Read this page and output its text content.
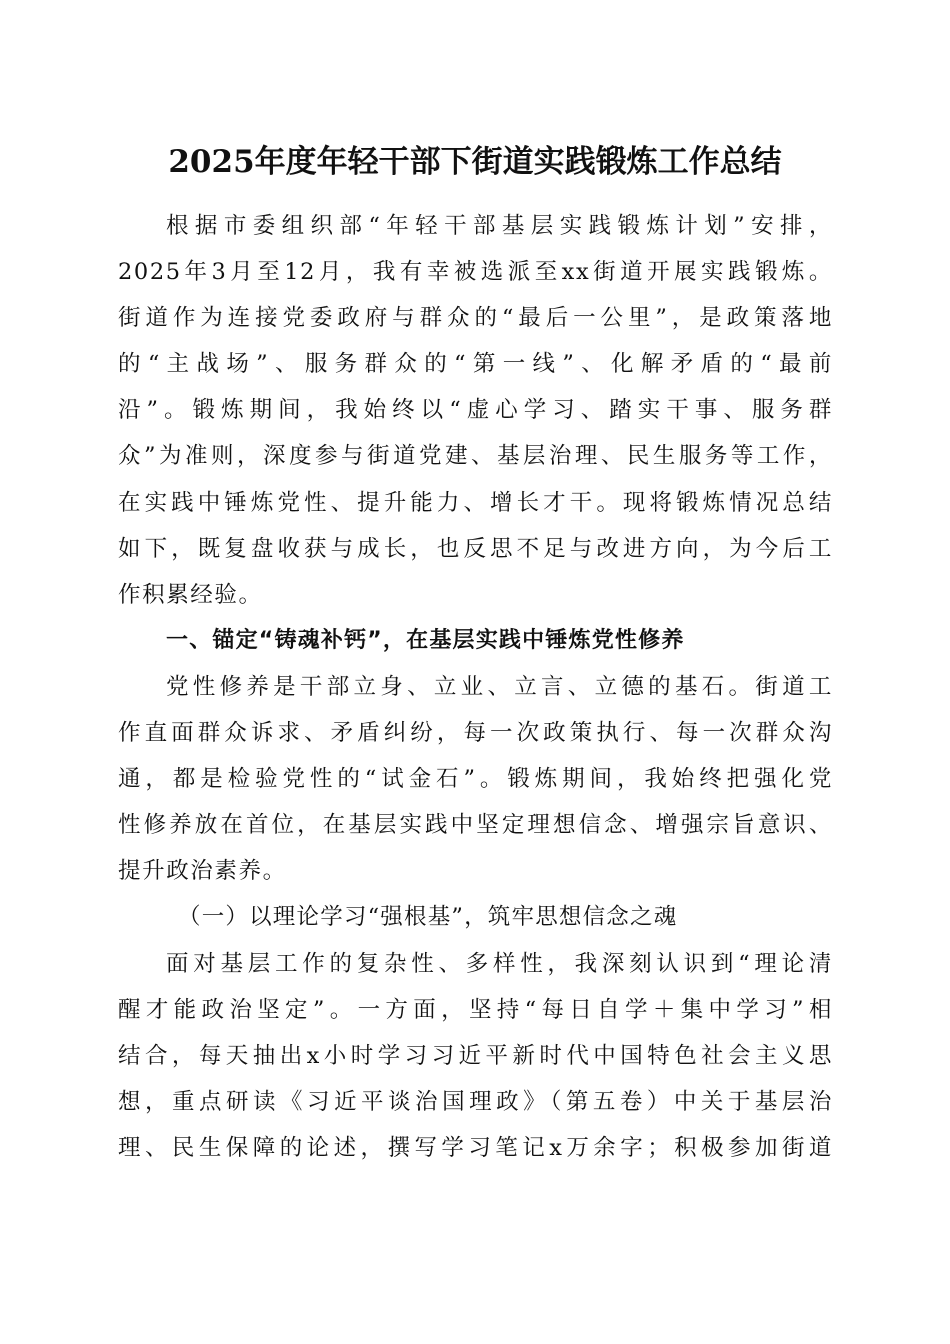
2025年度年轻干部下街道实践锻炼工作总结
根据市委组织部“年轻干部基层实践锻炼计划”安排，
2025年3月至12月，我有幸被选派至xx街道开展实践锻炼。
街道作为连接党委政府与群众的“最后一公里”，是政策落地
的“主战场”、服务群众的“第一线”、化解矛盾的“最前
沿”。锻炼期间，我始终以“虚心学习、踏实干事、服务群
众”为准则，深度参与街道党建、基层治理、民生服务等工作，
在实践中锤炼党性、提升能力、增长才干。现将锻炼情况总结
如下，既复盘收获与成长，也反思不足与改进方向，为今后工
作积累经验。
一、锚定“铸魂补钙”，在基层实践中锤炼党性修养
党性修养是干部立身、立业、立言、立德的基石。街道工
作直面群众诉求、矛盾纠纷，每一次政策执行、每一次群众沟
通，都是检验党性的“试金石”。锻炼期间，我始终把强化党
性修养放在首位，在基层实践中坚定理想信念、增强宗旨意识、
提升政治素养。
（一）以理论学习“强根基”，筑牢思想信念之魂
面对基层工作的复杂性、多样性，我深刻认识到“理论清
醒才能政治坚定”。一方面，坚持“每日自学＋集中学习”相
结合，每天抽出x小时学习习近平新时代中国特色社会主义思
想，重点研读《习近平谈治国理政》（第五卷）中关于基层治
理、民生保障的论述，撰写学习笔记x万余字；积极参加街道
